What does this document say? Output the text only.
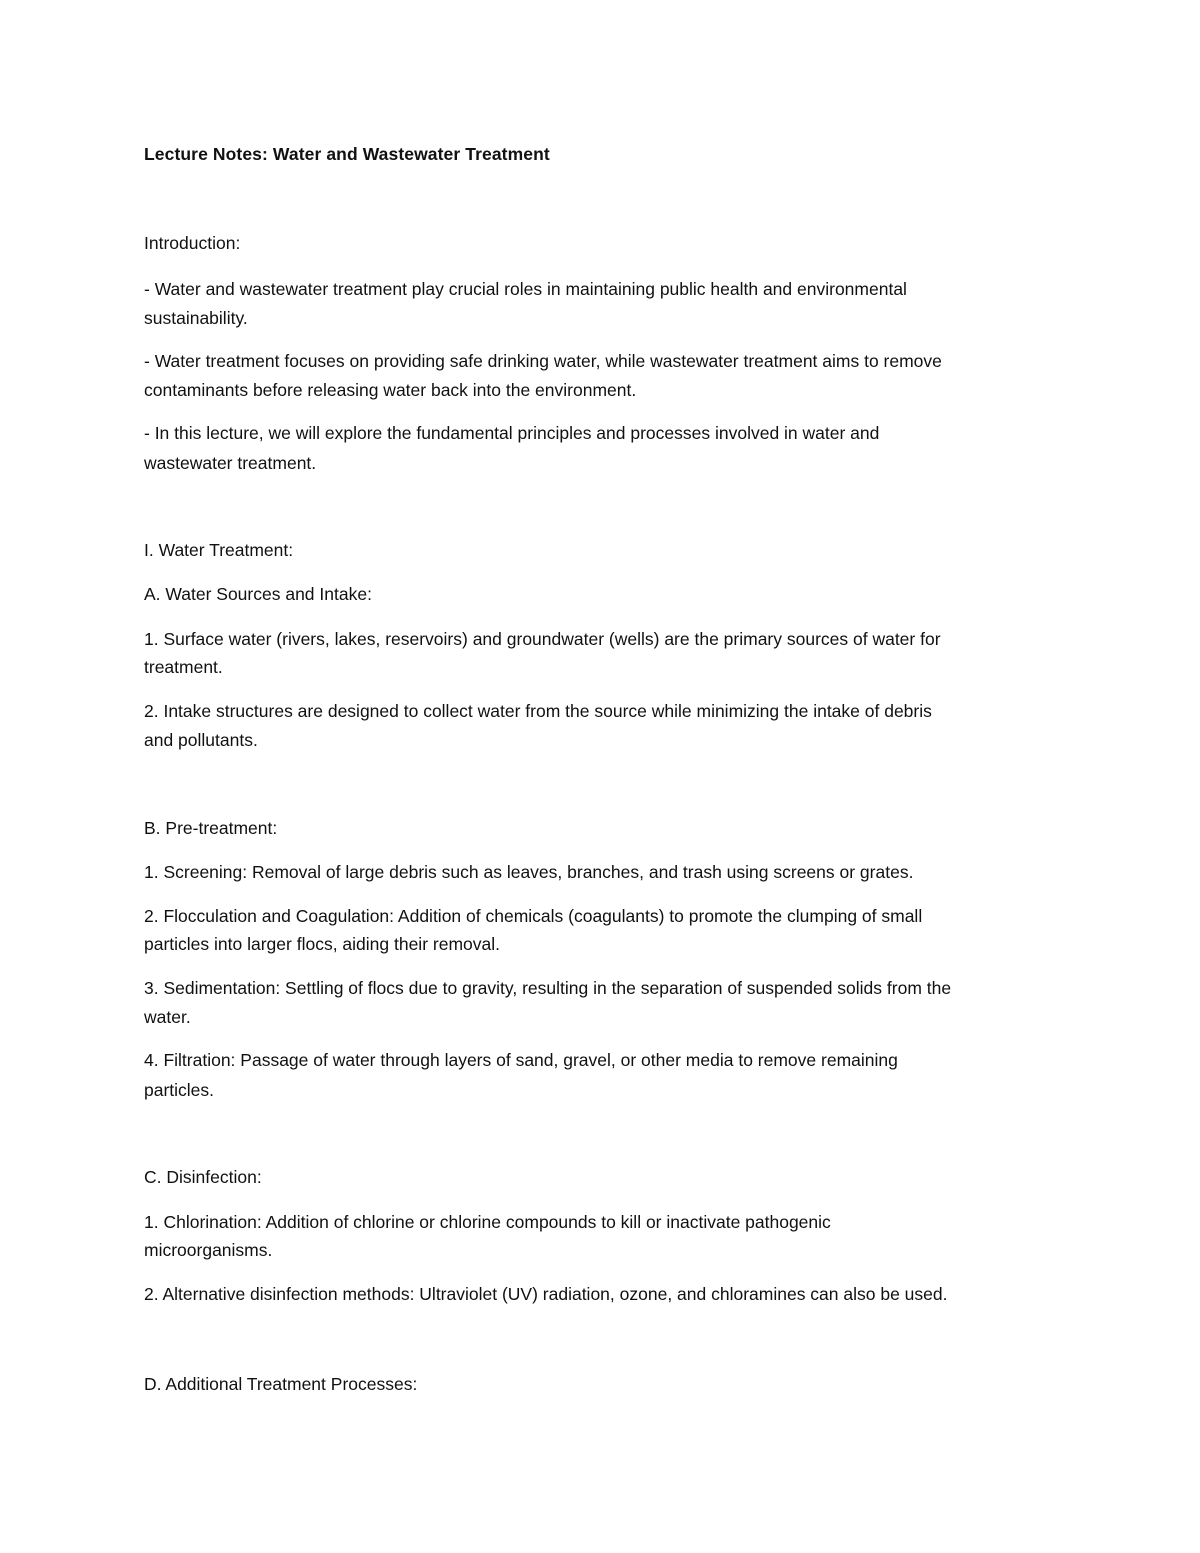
Lecture Notes: Water and Wastewater Treatment
Introduction:
- Water and wastewater treatment play crucial roles in maintaining public health and environmental
sustainability.
- Water treatment focuses on providing safe drinking water, while wastewater treatment aims to remove
contaminants before releasing water back into the environment.
- In this lecture, we will explore the fundamental principles and processes involved in water and
wastewater treatment.
I. Water Treatment:
A. Water Sources and Intake:
1. Surface water (rivers, lakes, reservoirs) and groundwater (wells) are the primary sources of water for
treatment.
2. Intake structures are designed to collect water from the source while minimizing the intake of debris
and pollutants.
B. Pre-treatment:
1. Screening: Removal of large debris such as leaves, branches, and trash using screens or grates.
2. Flocculation and Coagulation: Addition of chemicals (coagulants) to promote the clumping of small
particles into larger flocs, aiding their removal.
3. Sedimentation: Settling of flocs due to gravity, resulting in the separation of suspended solids from the
water.
4. Filtration: Passage of water through layers of sand, gravel, or other media to remove remaining
particles.
C. Disinfection:
1. Chlorination: Addition of chlorine or chlorine compounds to kill or inactivate pathogenic
microorganisms.
2. Alternative disinfection methods: Ultraviolet (UV) radiation, ozone, and chloramines can also be used.
D. Additional Treatment Processes:
